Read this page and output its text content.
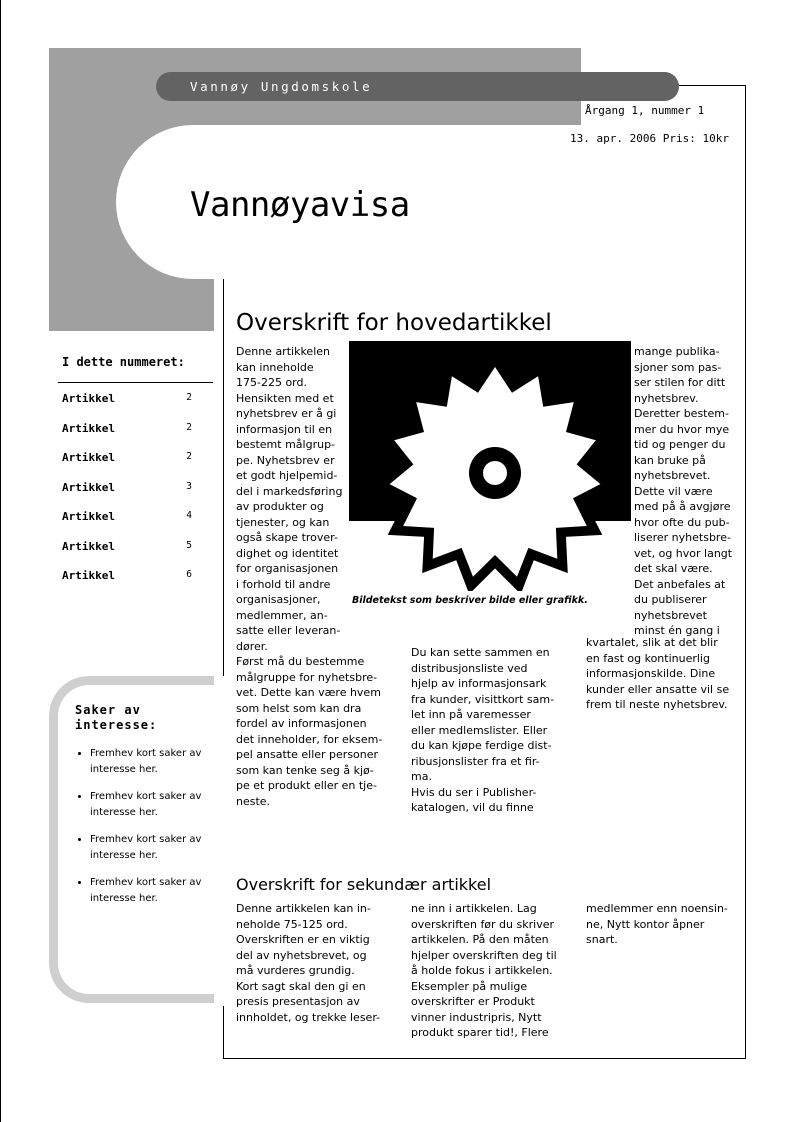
Vannøy Ungdomskole
Årgang 1, nummer 1
13. apr. 2006 Pris: 10kr
Vannøyavisa
I dette nummeret:
Artikkel	2
Artikkel	2
Artikkel	2
Artikkel	3
Artikkel	4
Artikkel	5
Artikkel	6
Saker av interesse:
• Fremhev kort saker av interesse her.
• Fremhev kort saker av interesse her.
• Fremhev kort saker av interesse her.
• Fremhev kort saker av interesse her.
Overskrift for hovedartikkel

Denne artikkelen

kan inneholde

175-225 ord.

Hensikten med et

nyhetsbrev er å gi

informasjon til en

bestemt målgrup-

pe. Nyhetsbrev er

et godt hjelpemid-

del i markedsføring

av produkter og

tjenester, og kan

også skape trover-

dighet og identitet

for organisasjonen

i forhold til andre

organisasjoner,

medlemmer, an-

satte eller leveran-

dører.

Først må du bestemme

målgruppe for nyhetsbre-

vet. Dette kan være hvem

som helst som kan dra

fordel av informasjonen

det inneholder, for eksem-

pel ansatte eller personer

som kan tenke seg å kjø-

pe et produkt eller en tje-

neste.

Du kan sette sammen en

distribusjonsliste ved

hjelp av informasjonsark

fra kunder, visittkort sam-

let inn på varemesser

eller medlemslister. Eller

du kan kjøpe ferdige dist-

ribusjonslister fra et fir-

ma.

Hvis du ser i Publisher-

katalogen, vil du finne

mange publika-

sjoner som pas-

ser stilen for ditt

nyhetsbrev.

Deretter bestem-

mer du hvor mye

tid og penger du

kan bruke på

nyhetsbrevet.

Dette vil være

med på å avgjøre

hvor ofte du pub-

liserer nyhetsbre-

vet, og hvor langt

det skal være.

Det anbefales at

du publiserer

nyhetsbrevet

minst én gang i

kvartalet, slik at det blir

en fast og kontinuerlig

informasjonskilde. Dine

kunder eller ansatte vil se

frem til neste nyhetsbrev.

Bildetekst som beskriver bilde eller grafikk.
Overskrift for sekundær artikkel

Denne artikkelen kan in-

neholde 75-125 ord.

Overskriften er en viktig

del av nyhetsbrevet, og

må vurderes grundig.

Kort sagt skal den gi en

presis presentasjon av

innholdet, og trekke leser-

ne inn i artikkelen. Lag

overskriften før du skriver

artikkelen. På den måten

hjelper overskriften deg til

å holde fokus i artikkelen.

Eksempler på mulige

overskrifter er Produkt

vinner industripris, Nytt

produkt sparer tid!, Flere

medlemmer enn noensin-

ne, Nytt kontor åpner

snart.
